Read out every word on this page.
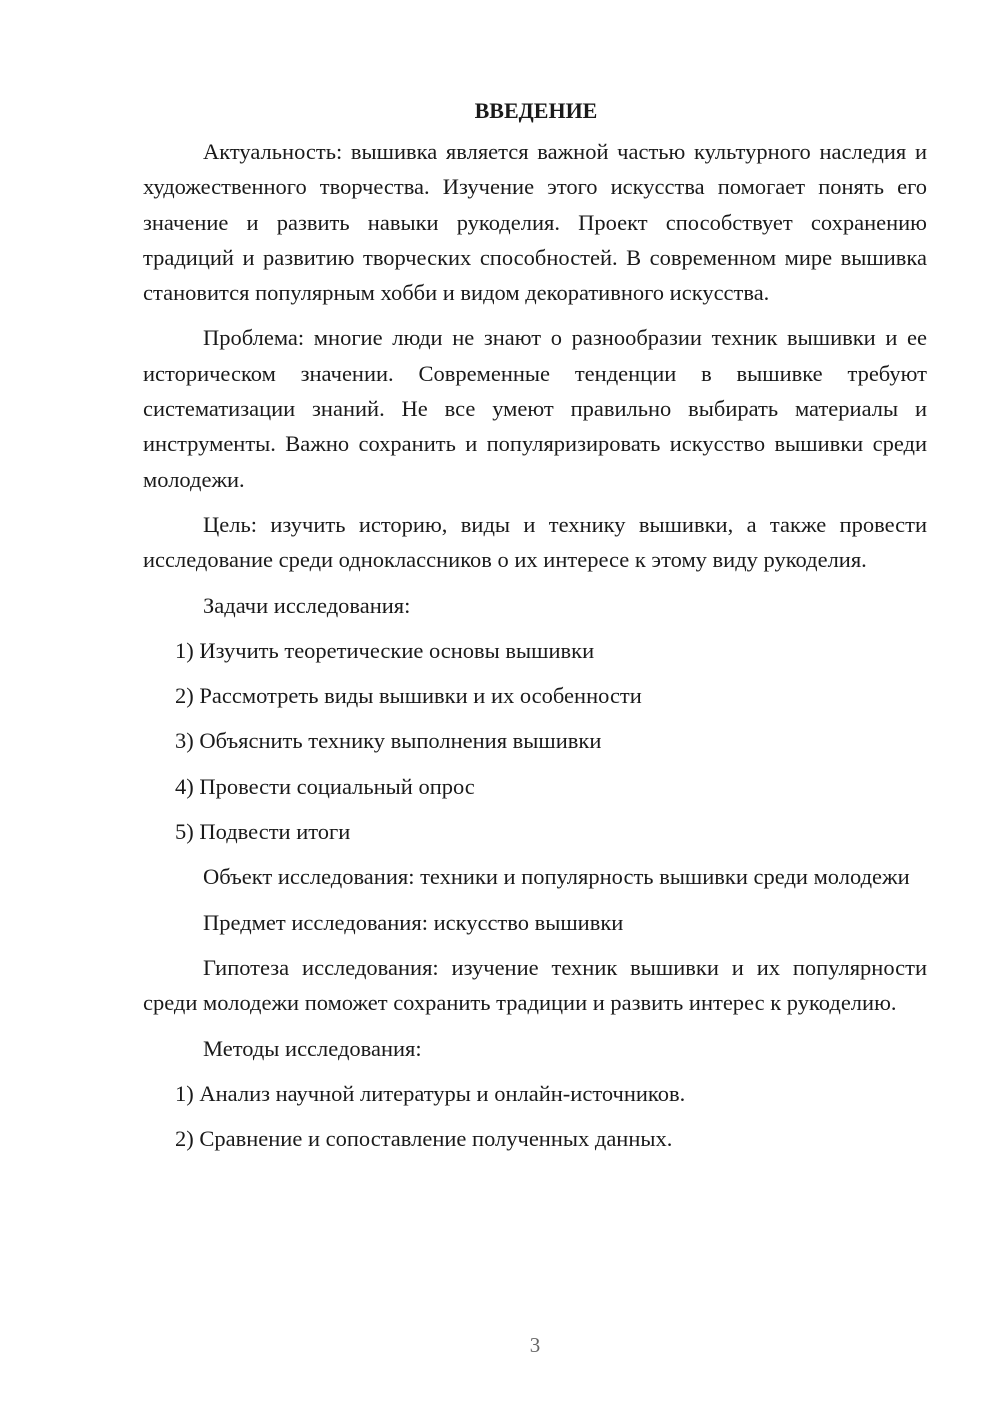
ВВЕДЕНИЕ

Актуальность: вышивка является важной частью культурного наследия и художественного творчества. Изучение этого искусства помогает понять его значение и развить навыки рукоделия. Проект способствует сохранению традиций и развитию творческих способностей. В современном мире вышивка становится популярным хобби и видом декоративного искусства.

Проблема: многие люди не знают о разнообразии техник вышивки и ее историческом значении. Современные тенденции в вышивке требуют систематизации знаний. Не все умеют правильно выбирать материалы и инструменты. Важно сохранить и популяризировать искусство вышивки среди молодежи.

Цель: изучить историю, виды и технику вышивки, а также провести исследование среди одноклассников о их интересе к этому виду рукоделия.

Задачи исследования:

1) Изучить теоретические основы вышивки
2) Рассмотреть виды вышивки и их особенности
3) Объяснить технику выполнения вышивки
4) Провести социальный опрос
5) Подвести итоги

Объект исследования: техники и популярность вышивки среди молодежи

Предмет исследования: искусство вышивки

Гипотеза исследования: изучение техник вышивки и их популярности среди молодежи поможет сохранить традиции и развить интерес к рукоделию.

Методы исследования:

1) Анализ научной литературы и онлайн-источников.
2) Сравнение и сопоставление полученных данных.
3
